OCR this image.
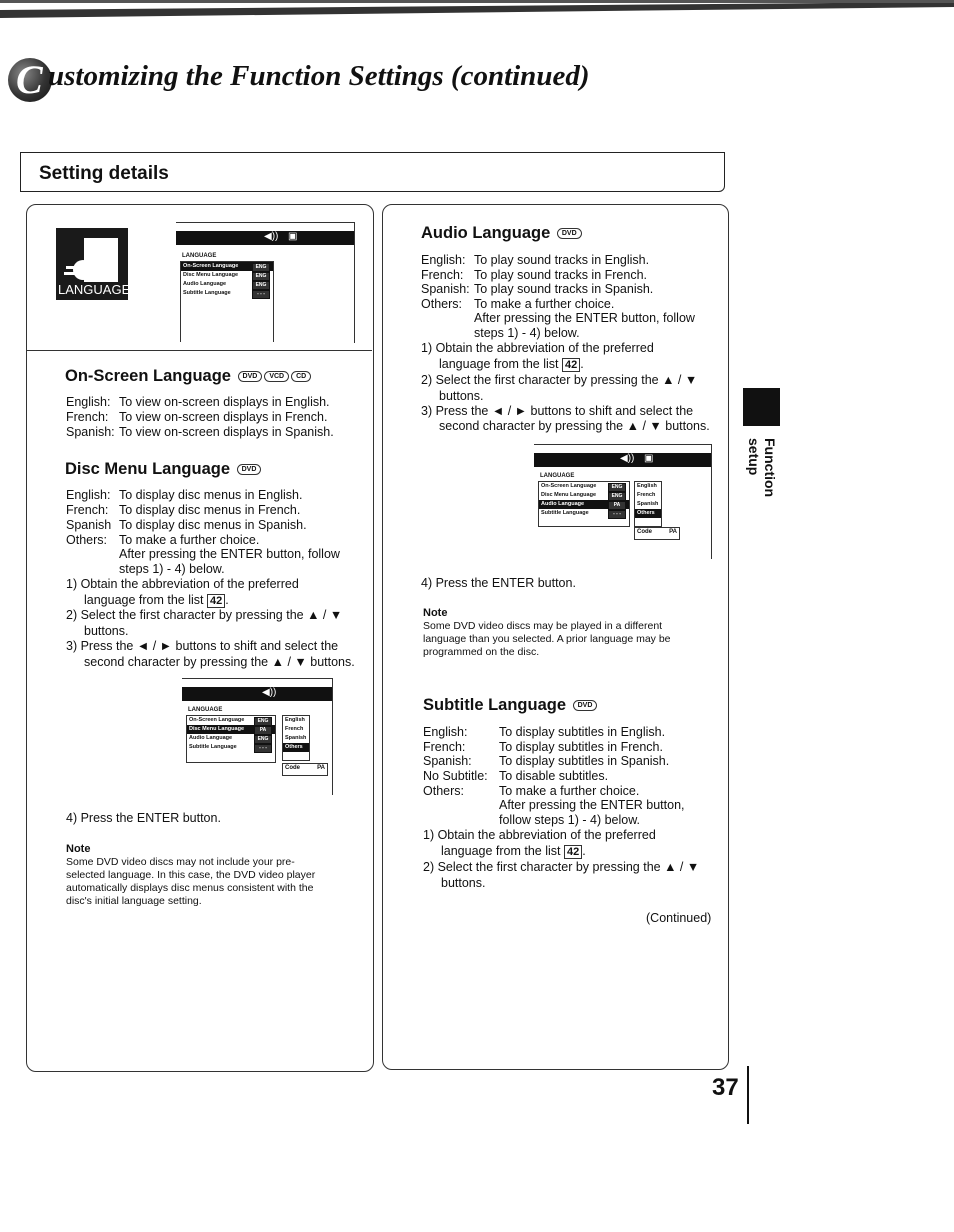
C ustomizing the Function Settings (continued)
Setting details
LANGUAGE
◀)) ▣
LANGUAGE
On-Screen Language	ENG
Disc Menu Language	ENG
Audio Language	ENG
Subtitle Language	- - -
On-Screen Language DVD VCD CD
English: To view on-screen displays in English.
French: To view on-screen displays in French.
Spanish: To view on-screen displays in Spanish.
Disc Menu Language DVD
English: To display disc menus in English.
French: To display disc menus in French.
Spanish To display disc menus in Spanish.
Others: To make a further choice.
After pressing the ENTER button, follow
steps 1) - 4) below.
1) Obtain the abbreviation of the preferred
language from the list 42 .
2) Select the first character by pressing the ▲ / ▼
buttons.
3) Press the ◄ / ► buttons to shift and select the
second character by pressing the ▲ / ▼ buttons.
◀))
LANGUAGE
On-Screen Language	ENG
Disc Menu Language	PA
Audio Language	ENG
Subtitle Language	- - -
English
French
Spanish
Others
Code	PA
4) Press the ENTER button.
Note
Some DVD video discs may not include your pre-
selected language. In this case, the DVD video player
automatically displays disc menus consistent with the
disc's initial language setting.
Audio Language DVD
English: To play sound tracks in English.
French: To play sound tracks in French.
Spanish: To play sound tracks in Spanish.
Others: To make a further choice.
After pressing the ENTER button, follow
steps 1) - 4) below.
1) Obtain the abbreviation of the preferred
language from the list 42 .
2) Select the first character by pressing the ▲ / ▼
buttons.
3) Press the ◄ / ► buttons to shift and select the
second character by pressing the ▲ / ▼ buttons.
◀)) ▣
LANGUAGE
On-Screen Language	ENG
Disc Menu Language	ENG
Audio Language	PA
Subtitle Language	- - -
English
French
Spanish
Others
Code	PA
4) Press the ENTER button.
Note
Some DVD video discs may be played in a different
language than you selected. A prior language may be
programmed on the disc.
Subtitle Language DVD
English:	To display subtitles in English.
French:	To display subtitles in French.
Spanish: To display subtitles in Spanish.
No Subtitle: To disable subtitles.
Others:	To make a further choice.
After pressing the ENTER button,
follow steps 1) - 4) below.
1) Obtain the abbreviation of the preferred
language from the list 42 .
2) Select the first character by pressing the ▲ / ▼
buttons.
(Continued)
Function setup
37
